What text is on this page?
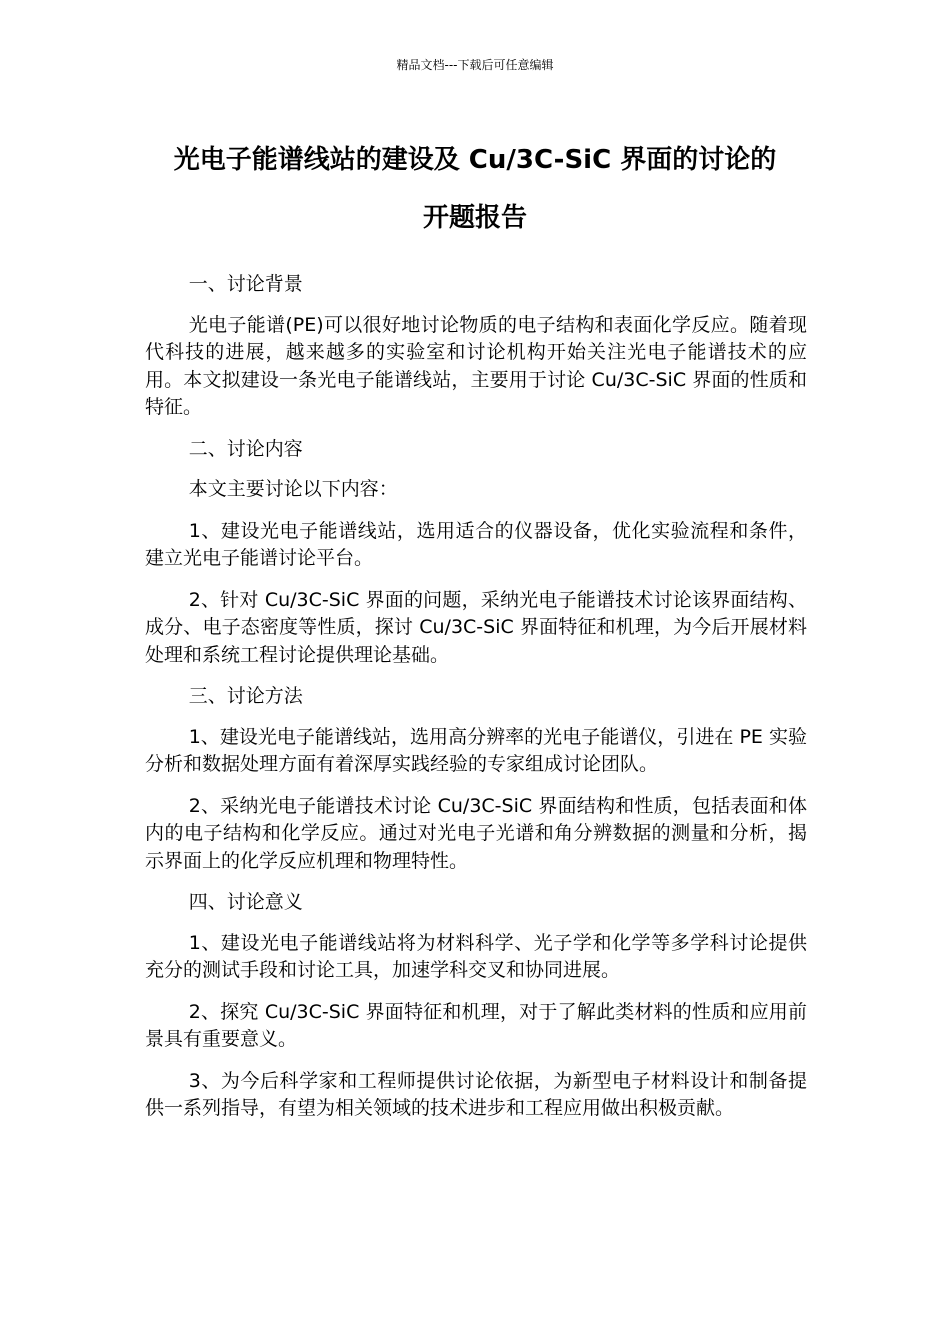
精品文档---下载后可任意编辑
光电子能谱线站的建设及 Cu/3C-SiC 界面的讨论的
开题报告

一、讨论背景

光电子能谱(PE)可以很好地讨论物质的电子结构和表面化学反应。随着现代科技的进展，越来越多的实验室和讨论机构开始关注光电子能谱技术的应用。本文拟建设一条光电子能谱线站，主要用于讨论 Cu/3C-SiC 界面的性质和特征。

二、讨论内容

本文主要讨论以下内容：

1、建设光电子能谱线站，选用适合的仪器设备，优化实验流程和条件，建立光电子能谱讨论平台。

2、针对 Cu/3C-SiC 界面的问题，采纳光电子能谱技术讨论该界面结构、成分、电子态密度等性质，探讨 Cu/3C-SiC 界面特征和机理，为今后开展材料处理和系统工程讨论提供理论基础。

三、讨论方法

1、建设光电子能谱线站，选用高分辨率的光电子能谱仪，引进在 PE 实验分析和数据处理方面有着深厚实践经验的专家组成讨论团队。

2、采纳光电子能谱技术讨论 Cu/3C-SiC 界面结构和性质，包括表面和体内的电子结构和化学反应。通过对光电子光谱和角分辨数据的测量和分析，揭示界面上的化学反应机理和物理特性。

四、讨论意义

1、建设光电子能谱线站将为材料科学、光子学和化学等多学科讨论提供充分的测试手段和讨论工具，加速学科交叉和协同进展。

2、探究 Cu/3C-SiC 界面特征和机理，对于了解此类材料的性质和应用前景具有重要意义。

3、为今后科学家和工程师提供讨论依据，为新型电子材料设计和制备提供一系列指导，有望为相关领域的技术进步和工程应用做出积极贡献。
